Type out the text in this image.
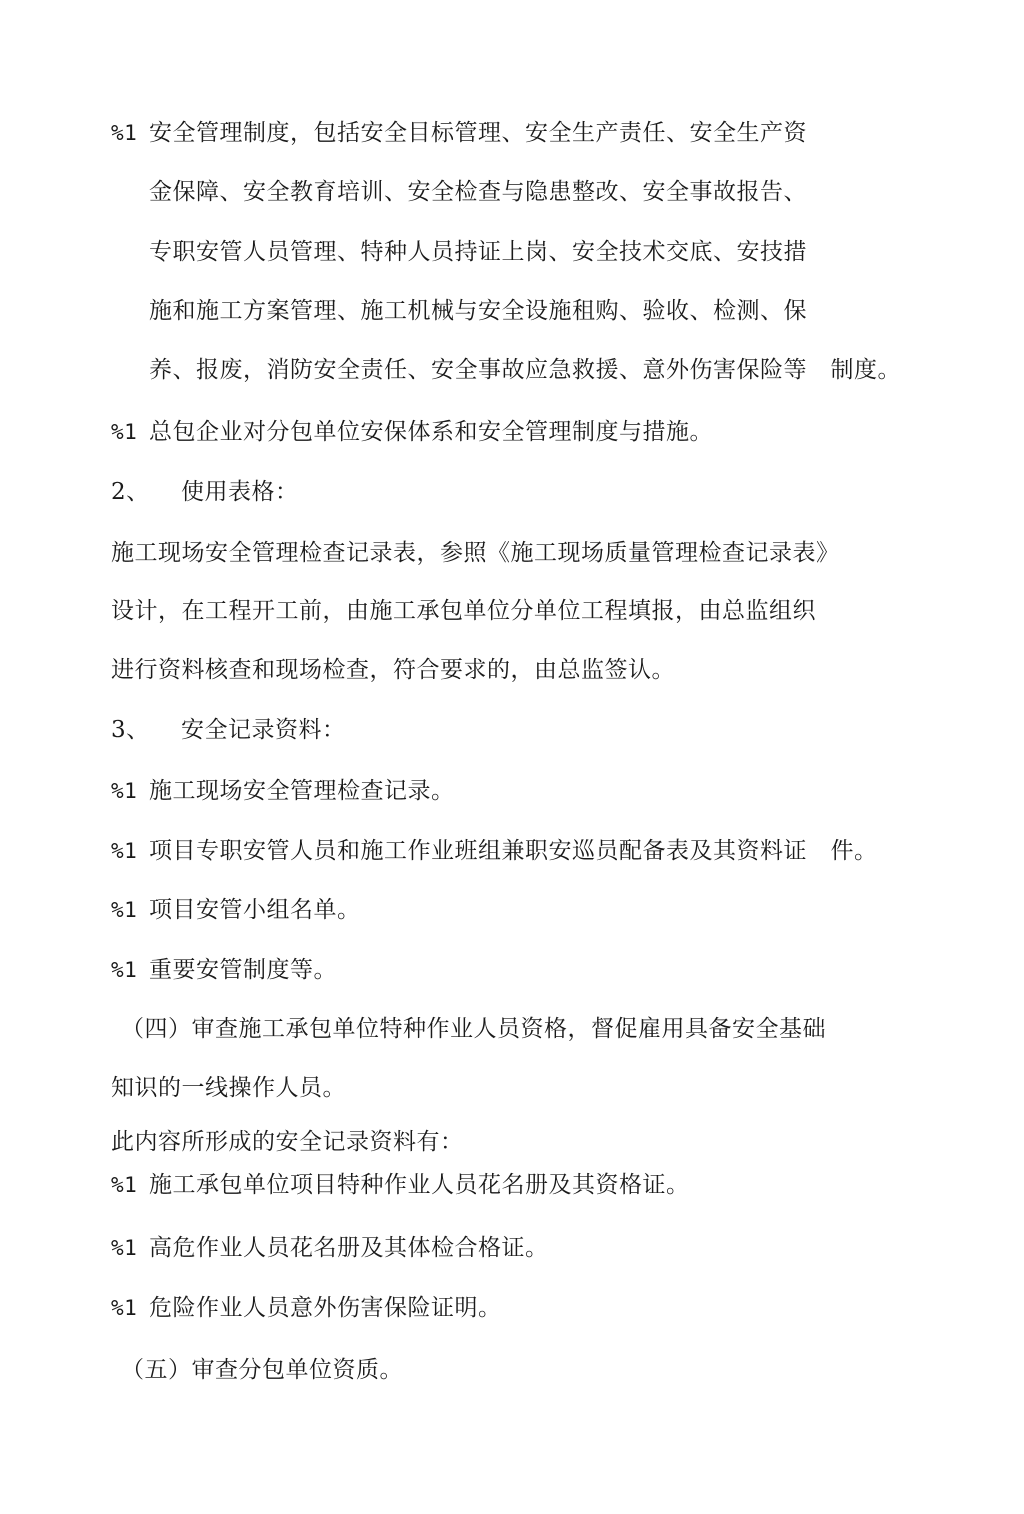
%1 安全管理制度，包括安全目标管理、安全生产责任、安全生产资
金保障、安全教育培训、安全检查与隐患整改、安全事故报告、
专职安管人员管理、特种人员持证上岗、安全技术交底、安技措
施和施工方案管理、施工机械与安全设施租购、验收、检测、保
养、报废，消防安全责任、安全事故应急救援、意外伤害保险等　制度。
%1 总包企业对分包单位安保体系和安全管理制度与措施。
2、 使用表格：
施工现场安全管理检查记录表，参照《施工现场质量管理检查记录表》
设计，在工程开工前，由施工承包单位分单位工程填报，由总监组织
进行资料核查和现场检查，符合要求的，由总监签认。
3、 安全记录资料：
%1 施工现场安全管理检查记录。
%1 项目专职安管人员和施工作业班组兼职安巡员配备表及其资料证　件。
%1 项目安管小组名单。
%1 重要安管制度等。
（四）审查施工承包单位特种作业人员资格，督促雇用具备安全基础
知识的一线操作人员。
此内容所形成的安全记录资料有：
%1 施工承包单位项目特种作业人员花名册及其资格证。
%1 高危作业人员花名册及其体检合格证。
%1 危险作业人员意外伤害保险证明。
（五）审查分包单位资质。
